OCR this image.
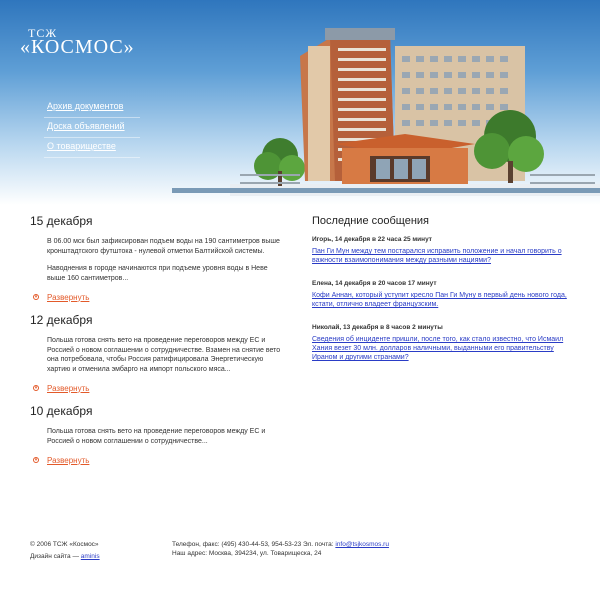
ТСЖ
«КОСМОС»
Архив документов
Доска объявлений
О товариществе
15 декабря

В 06.00 мск был зафиксирован подъем воды на 190 сантиметров выше кронштадтского футштока - нулевой отметки Балтийской системы.

Наводнения в городе начинаются при подъеме уровня воды в Неве выше 160 сантиметров...

▾ Развернуть
12 декабря

Польша готова снять вето на проведение переговоров между ЕС и Россией о новом соглашении о сотрудничестве. Взамен на снятие вето она потребовала, чтобы Россия ратифицировала Энергетическую хартию и отменила эмбарго на импорт польского мяса...

▾ Развернуть
10 декабря

Польша готова снять вето на проведение переговоров между ЕС и Россией о новом соглашении о сотрудничестве...

▾ Развернуть
Последние сообщения
Игорь, 14 декабря в 22 часа 25 минут
Пан Ги Мун между тем постарался исправить положение и начал говорить о важности взаимопонимания между разными нациями?
Елена, 14 декабря в 20 часов 17 минут
Кофи Аннан, который уступит кресло Пан Ги Муну в первый день нового года, кстати, отлично владеет французским.
Николай, 13 декабря в 8 часов 2 минуты
Сведения об инциденте пришли, после того, как стало известно, что Исмаил Хания везет 30 млн. долларов наличными, выданными его правительству Ираном и другими странами?
© 2006 ТСЖ «Космос»
Дизайн сайта — aminis
Телефон, факс: (495) 430-44-53, 954-53-23 Эл. почта: info@tsjkosmos.ru
Наш адрес: Москва, 394234, ул. Товарищеска, 24
